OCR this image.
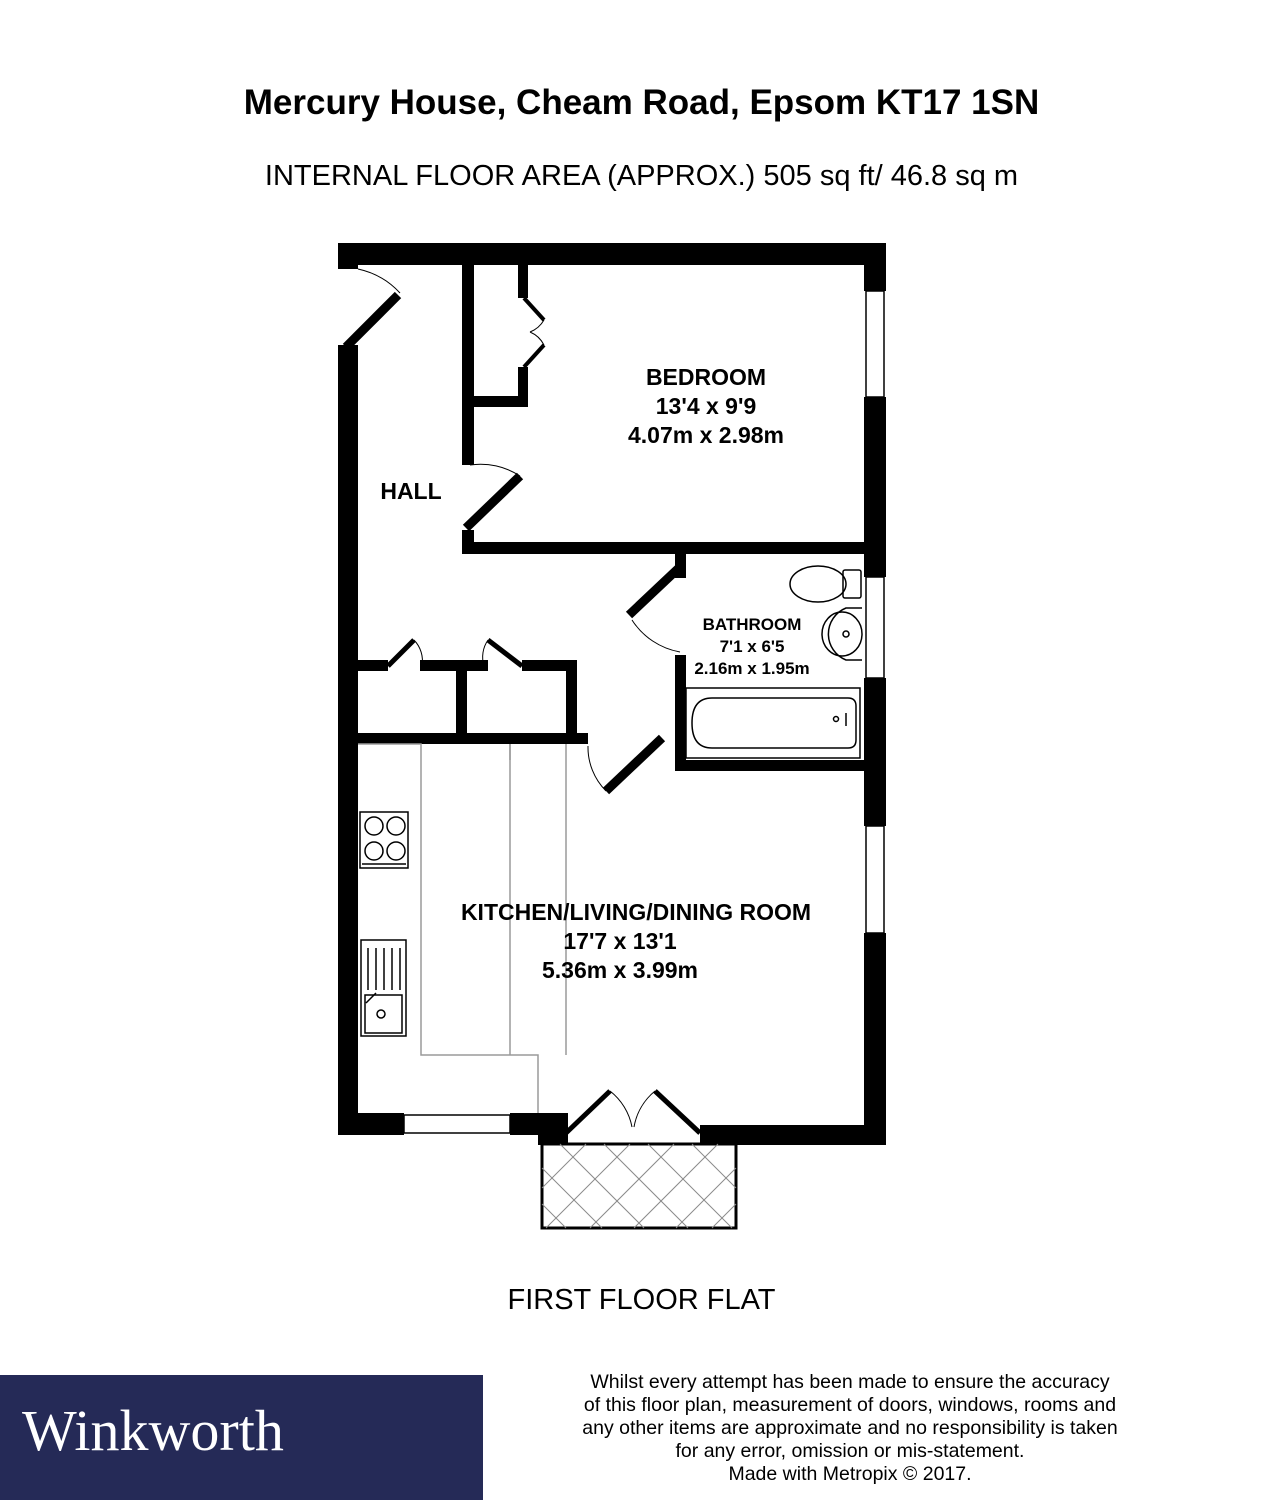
Mercury House, Cheam Road, Epsom KT17 1SN
INTERNAL FLOOR AREA (APPROX.) 505 sq ft/ 46.8 sq m
BEDROOM
13'4 x 9'9
4.07m x 2.98m
HALL
BATHROOM
7'1 x 6'5
2.16m x 1.95m
KITCHEN/LIVING/DINING ROOM
17'7 x 13'1
5.36m x 3.99m
FIRST FLOOR FLAT
Winkworth
Whilst every attempt has been made to ensure the accuracy
of this floor plan, measurement of doors, windows, rooms and
any other items are approximate and no responsibility is taken
for any error, omission or mis-statement.
Made with Metropix © 2017.
